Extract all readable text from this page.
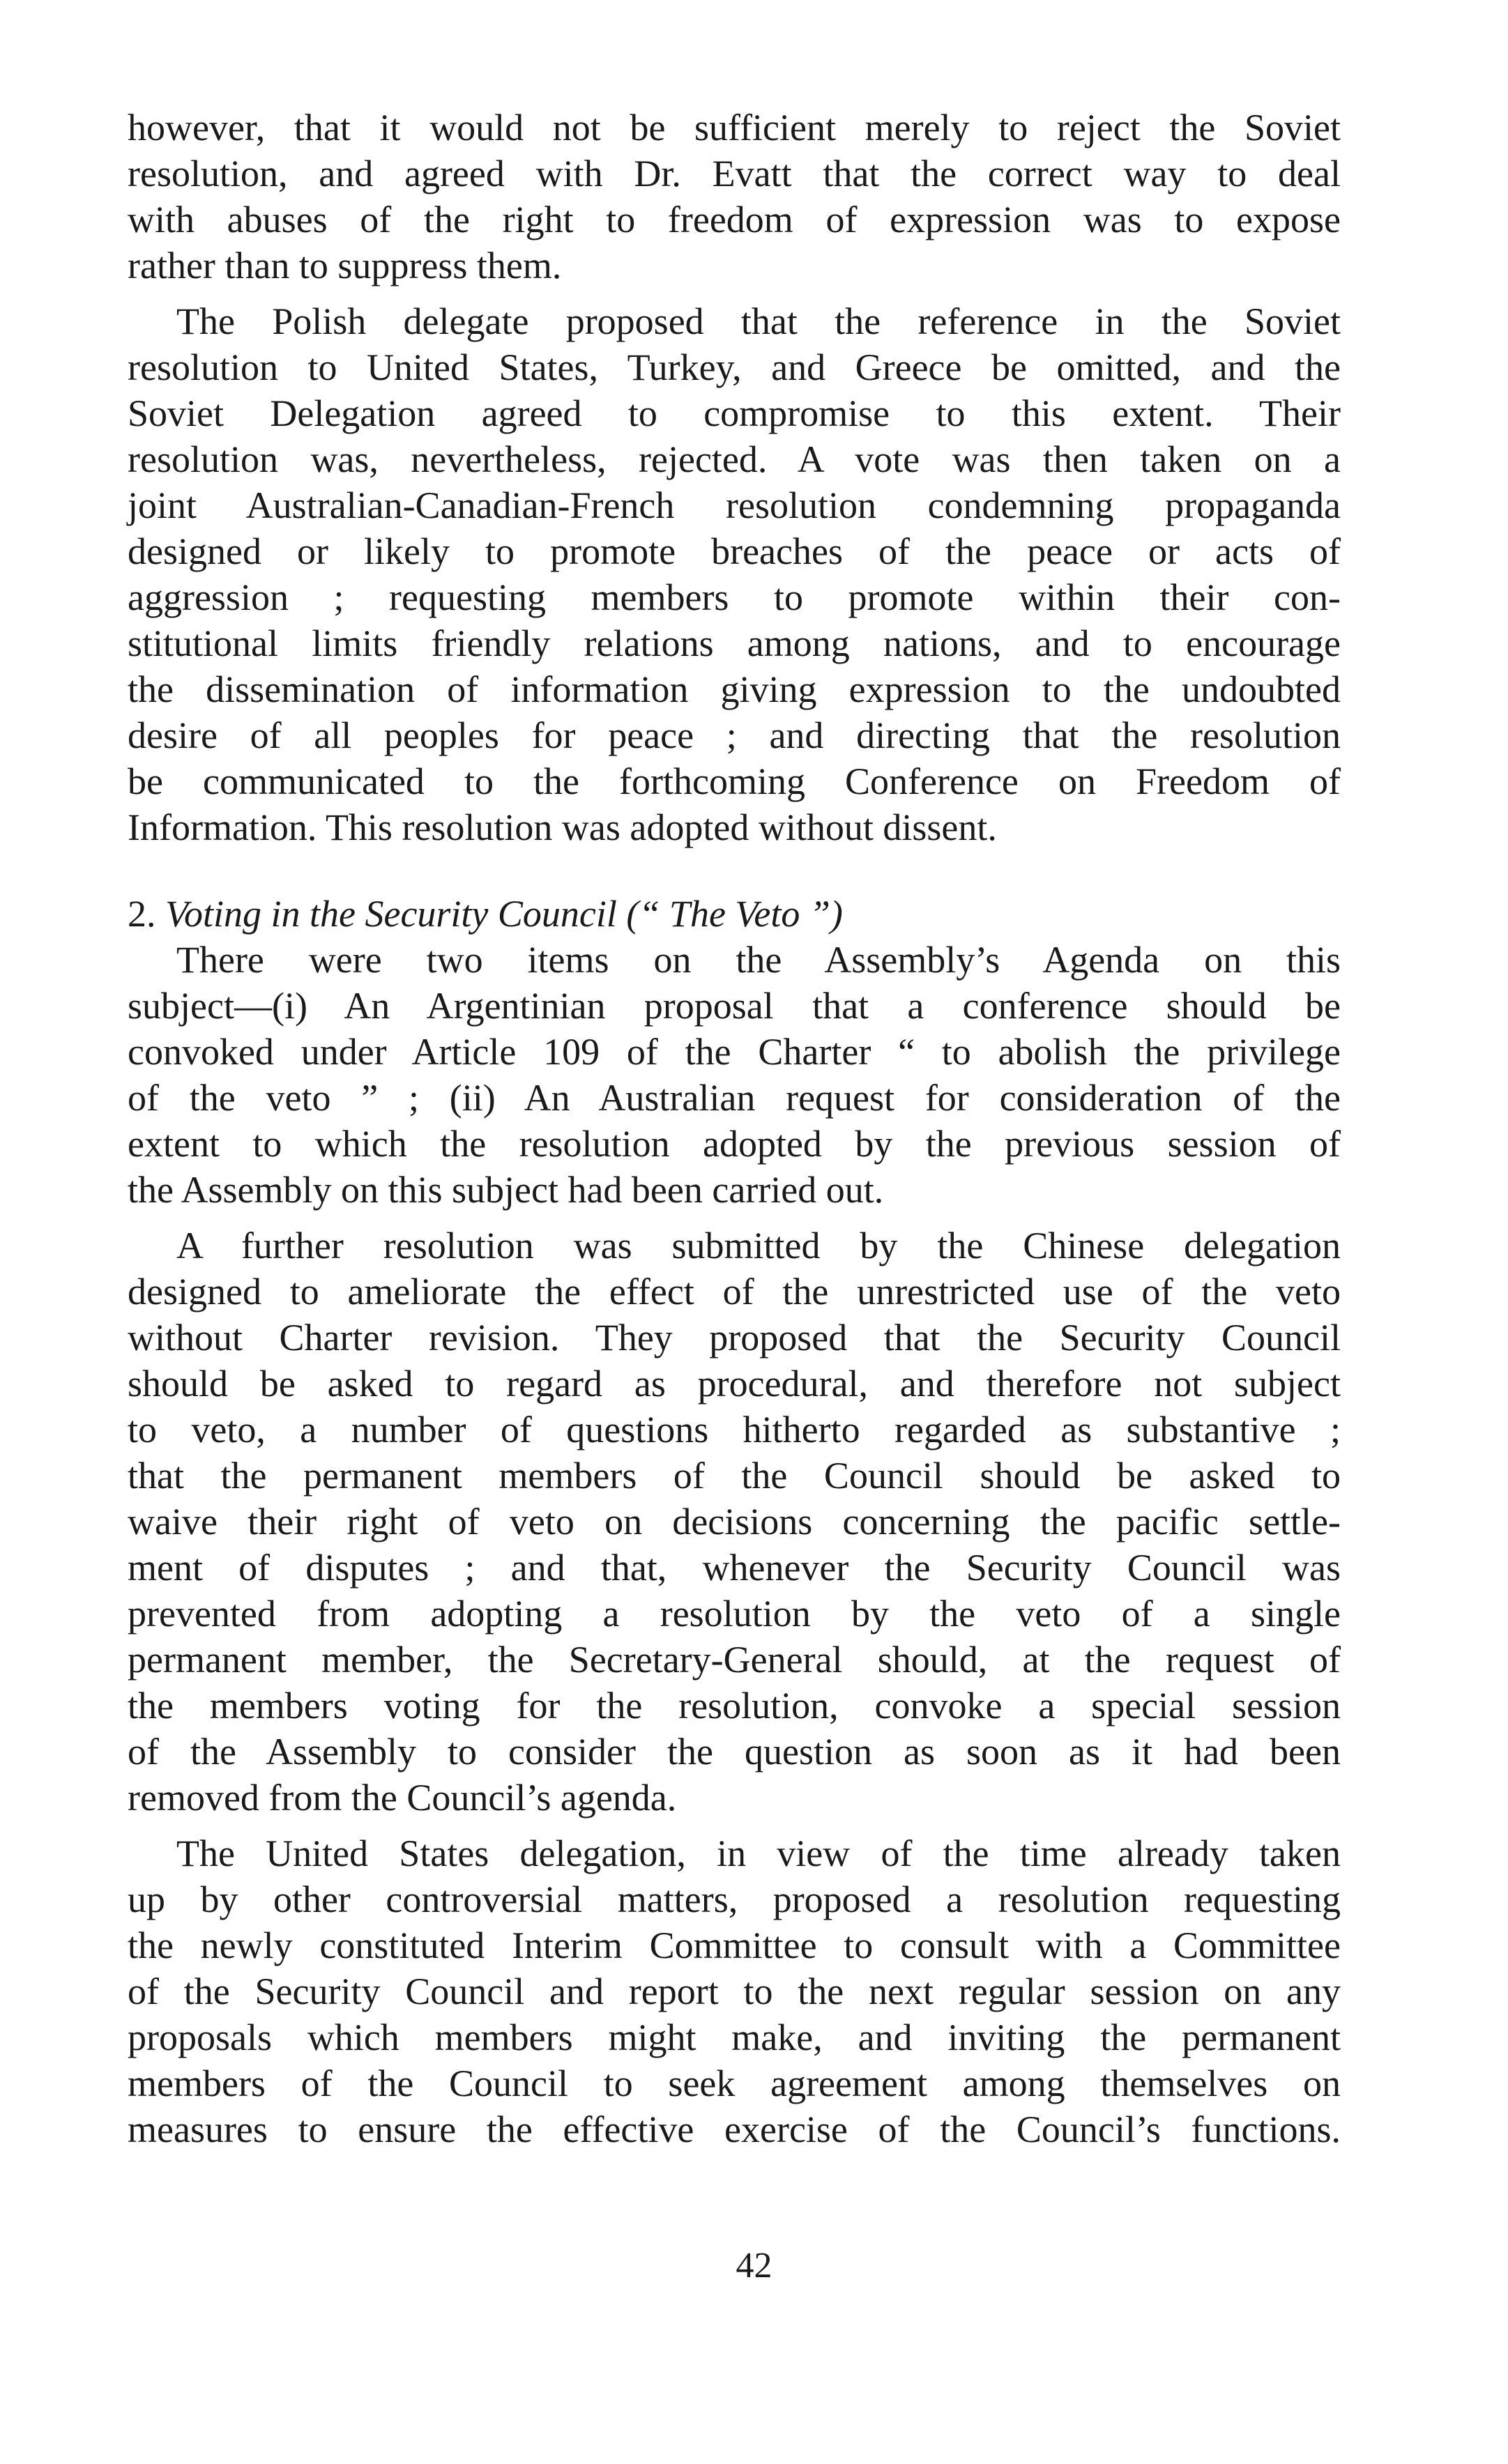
however, that it would not be sufficient merely to reject the Soviet
resolution, and agreed with Dr. Evatt that the correct way to deal
with abuses of the right to freedom of expression was to expose
rather than to suppress them.
The Polish delegate proposed that the reference in the Soviet
resolution to United States, Turkey, and Greece be omitted, and the
Soviet Delegation agreed to compromise to this extent. Their
resolution was, nevertheless, rejected. A vote was then taken on a
joint Australian-Canadian-French resolution condemning propaganda
designed or likely to promote breaches of the peace or acts of
aggression ; requesting members to promote within their con-
stitutional limits friendly relations among nations, and to encourage
the dissemination of information giving expression to the undoubted
desire of all peoples for peace ; and directing that the resolution
be communicated to the forthcoming Conference on Freedom of
Information. This resolution was adopted without dissent.
2. Voting in the Security Council (“ The Veto ”)
There were two items on the Assembly’s Agenda on this
subject—(i) An Argentinian proposal that a conference should be
convoked under Article 109 of the Charter “ to abolish the privilege
of the veto ” ; (ii) An Australian request for consideration of the
extent to which the resolution adopted by the previous session of
the Assembly on this subject had been carried out.
A further resolution was submitted by the Chinese delegation
designed to ameliorate the effect of the unrestricted use of the veto
without Charter revision. They proposed that the Security Council
should be asked to regard as procedural, and therefore not subject
to veto, a number of questions hitherto regarded as substantive ;
that the permanent members of the Council should be asked to
waive their right of veto on decisions concerning the pacific settle-
ment of disputes ; and that, whenever the Security Council was
prevented from adopting a resolution by the veto of a single
permanent member, the Secretary-General should, at the request of
the members voting for the resolution, convoke a special session
of the Assembly to consider the question as soon as it had been
removed from the Council’s agenda.
The United States delegation, in view of the time already taken
up by other controversial matters, proposed a resolution requesting
the newly constituted Interim Committee to consult with a Committee
of the Security Council and report to the next regular session on any
proposals which members might make, and inviting the permanent
members of the Council to seek agreement among themselves on
measures to ensure the effective exercise of the Council’s functions.
42
